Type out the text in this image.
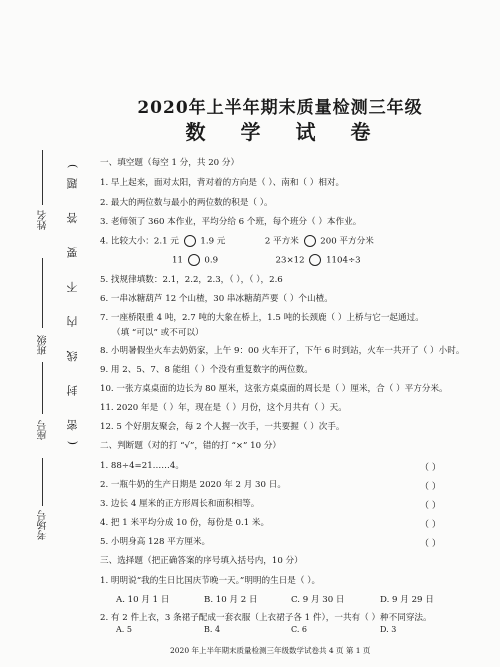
姓名
班级
座号
考场号
(密 封 线 内 不 要 答 题)
2020年上半年期末质量检测三年级
数 学 试 卷
一、填空题（每空 1 分，共 20 分）
1. 早上起来，面对太阳，背对着的方向是（ ）、南和（ ）相对。
2. 最大的两位数与最小的两位数的积是（ ）。
3. 老师领了 360 本作业，平均分给 6 个班，每个班分（ ）本作业。
4. 比较大小：2.1 元 1.9 元	2 平方米 200 平方分米
11 0.9	23×12 1104÷3
5. 找规律填数：2.1，2.2，2.3，（ ），（ ），2.6
6. 一串冰糖葫芦 12 个山楂，30 串冰糖葫芦要（ ）个山楂。
7. 一座桥限重 4 吨，2.7 吨的大象在桥上，1.5 吨的长颈鹿（ ）上桥与它一起通过。
（填 “可以” 或不可以）
8. 小明暑假坐火车去奶奶家，上午 9：00 火车开了，下午 6 时到站，火车一共开了（ ）小时。
9. 用 2、5、7、8 能组（ ）个没有重复数字的两位数。
10. 一张方桌桌面的边长为 80 厘米，这张方桌桌面的周长是（ ）厘米，合（ ）平方分米。
11. 2020 年是（ ）年，现在是（ ）月份，这个月共有（ ）天。
12. 5 个好朋友聚会，每 2 个人握一次手，一共要握（ ）次手。
二、判断题（对的打 “√”，错的打 “×” 10 分）
1. 88÷4=21……4。	（ ）
2. 一瓶牛奶的生产日期是 2020 年 2 月 30 日。	（ ）
3. 边长 4 厘米的正方形周长和面积相等。	（ ）
4. 把 1 米平均分成 10 份，每份是 0.1 米。	（ ）
5. 小明身高 128 平方厘米。	（ ）
三、选择题（把正确答案的序号填入括号内，10 分）
1. 明明说“我的生日比国庆节晚一天。”明明的生日是（ ）。
A. 10 月 1 日	B. 10 月 2 日	C. 9 月 30 日	D. 9 月 29 日
2. 有 2 件上衣，3 条裙子配成一套衣服（上衣裙子各 1 件），一共有（ ）种不同穿法。
A. 5	B. 4	C. 6	D. 3
2020 年上半年期末质量检测三年级数学试卷共 4 页 第 1 页
